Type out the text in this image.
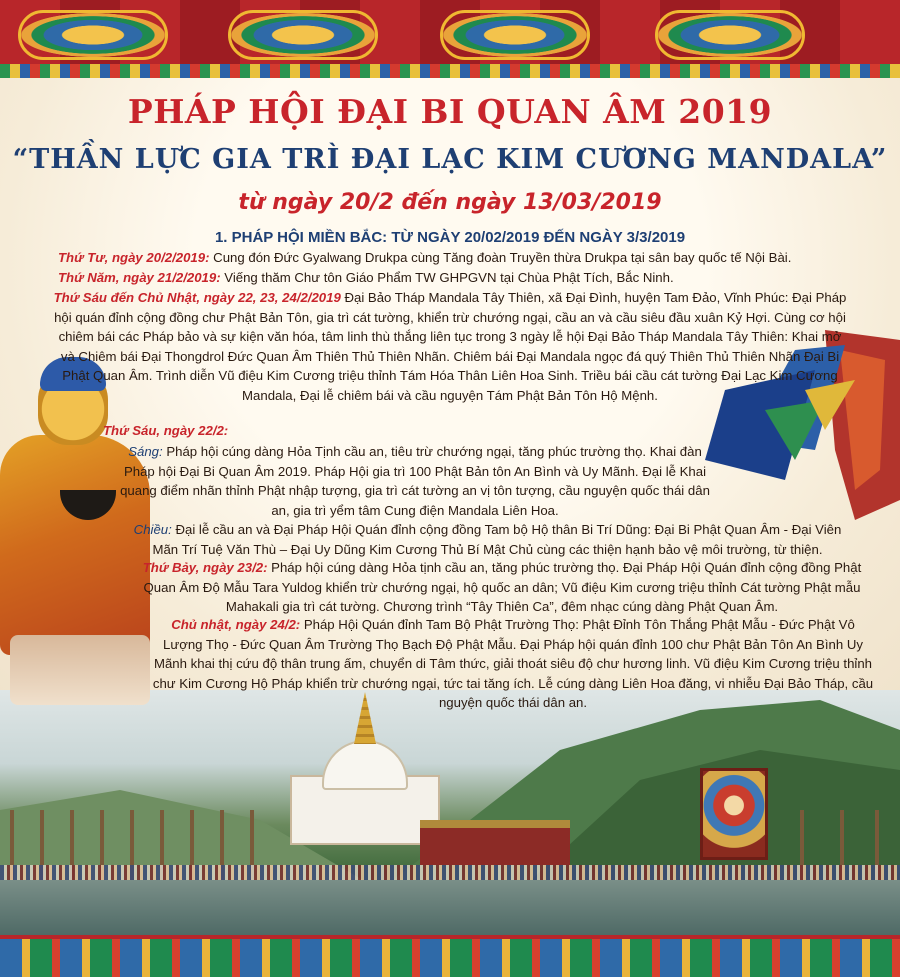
PHÁP HỘI ĐẠI BI QUAN ÂM 2019
“THẦN LỰC GIA TRÌ ĐẠI LẠC KIM CƯƠNG MANDALA”
từ ngày 20/2 đến ngày 13/03/2019
1. PHÁP HỘI MIỀN BẮC: TỪ NGÀY 20/02/2019 ĐẾN NGÀY 3/3/2019
Thứ Tư, ngày 20/2/2019: Cung đón Đức Gyalwang Drukpa cùng Tăng đoàn Truyền thừa Drukpa tại sân bay quốc tế Nội Bài.
Thứ Năm, ngày 21/2/2019: Viếng thăm Chư tôn Giáo Phẩm TW GHPGVN tại Chùa Phật Tích, Bắc Ninh.
Thứ Sáu đến Chủ Nhật, ngày 22, 23, 24/2/2019 Đại Bảo Tháp Mandala Tây Thiên, xã Đại Đình, huyện Tam Đảo, Vĩnh Phúc: Đại Pháp hội quán đỉnh cộng đồng chư Phật Bản Tôn, gia trì cát tường, khiển trừ chướng ngại, cầu an và cầu siêu đầu xuân Kỷ Hợi. Cùng cơ hội chiêm bái các Pháp bảo và sự kiện văn hóa, tâm linh thù thắng liên tục trong 3 ngày lễ hội Đại Bảo Tháp Mandala Tây Thiên: Khai mở và Chiêm bái Đại Thongdrol Đức Quan Âm Thiên Thủ Thiên Nhãn. Chiêm bái Đại Mandala ngọc đá quý Thiên Thủ Thiên Nhãn Đại Bi Phật Quan Âm. Trình diễn Vũ điệu Kim Cương triệu thỉnh Tám Hóa Thân Liên Hoa Sinh. Triều bái cầu cát tường Đại Lạc Kim Cương Mandala, Đại lễ chiêm bái và cầu nguyện Tám Phật Bản Tôn Hộ Mệnh.
Thứ Sáu, ngày 22/2:
Sáng: Pháp hội cúng dàng Hỏa Tịnh cầu an, tiêu trừ chướng ngại, tăng phúc trường thọ. Khai đàn Pháp hội Đại Bi Quan Âm 2019. Pháp Hội gia trì 100 Phật Bản tôn An Bình và Uy Mãnh. Đại lễ Khai quang điểm nhãn thỉnh Phật nhập tượng, gia trì cát tường an vị tôn tượng, cầu nguyện quốc thái dân an, gia trì yểm tâm Cung điện Mandala Liên Hoa.
Chiều: Đại lễ cầu an và Đại Pháp Hội Quán đỉnh cộng đồng Tam bộ Hộ thân Bi Trí Dũng: Đại Bi Phật Quan Âm - Đại Viên Mãn Trí Tuệ Văn Thù – Đại Uy Dũng Kim Cương Thủ Bí Mật Chủ cùng các thiện hạnh bảo vệ môi trường, từ thiện.
Thứ Bảy, ngày 23/2: Pháp hội cúng dàng Hỏa tịnh cầu an, tăng phúc trường thọ. Đại Pháp Hội Quán đỉnh cộng đồng Phật Quan Âm Độ Mẫu Tara Yuldog khiển trừ chướng ngại, hộ quốc an dân; Vũ điệu Kim cương triệu thỉnh Cát tường Phật mẫu Mahakali gia trì cát tường. Chương trình “Tây Thiên Ca”, đêm nhạc cúng dàng Phật Quan Âm.
Chủ nhật, ngày 24/2: Pháp Hội Quán đỉnh Tam Bộ Phật Trường Thọ: Phật Đỉnh Tôn Thắng Phật Mẫu - Đức Phật Vô Lượng Thọ - Đức Quan Âm Trường Thọ Bạch Độ Phật Mẫu. Đại Pháp hội quán đỉnh 100 chư Phật Bản Tôn An Bình Uy Mãnh khai thị cứu độ thân trung ấm, chuyển di Tâm thức, giải thoát siêu độ chư hương linh. Vũ điệu Kim Cương triệu thỉnh chư Kim Cương Hộ Pháp khiển trừ chướng ngại, tức tai tăng ích. Lễ cúng dàng Liên Hoa đăng, vi nhiễu Đại Bảo Tháp, cầu nguyện quốc thái dân an.
